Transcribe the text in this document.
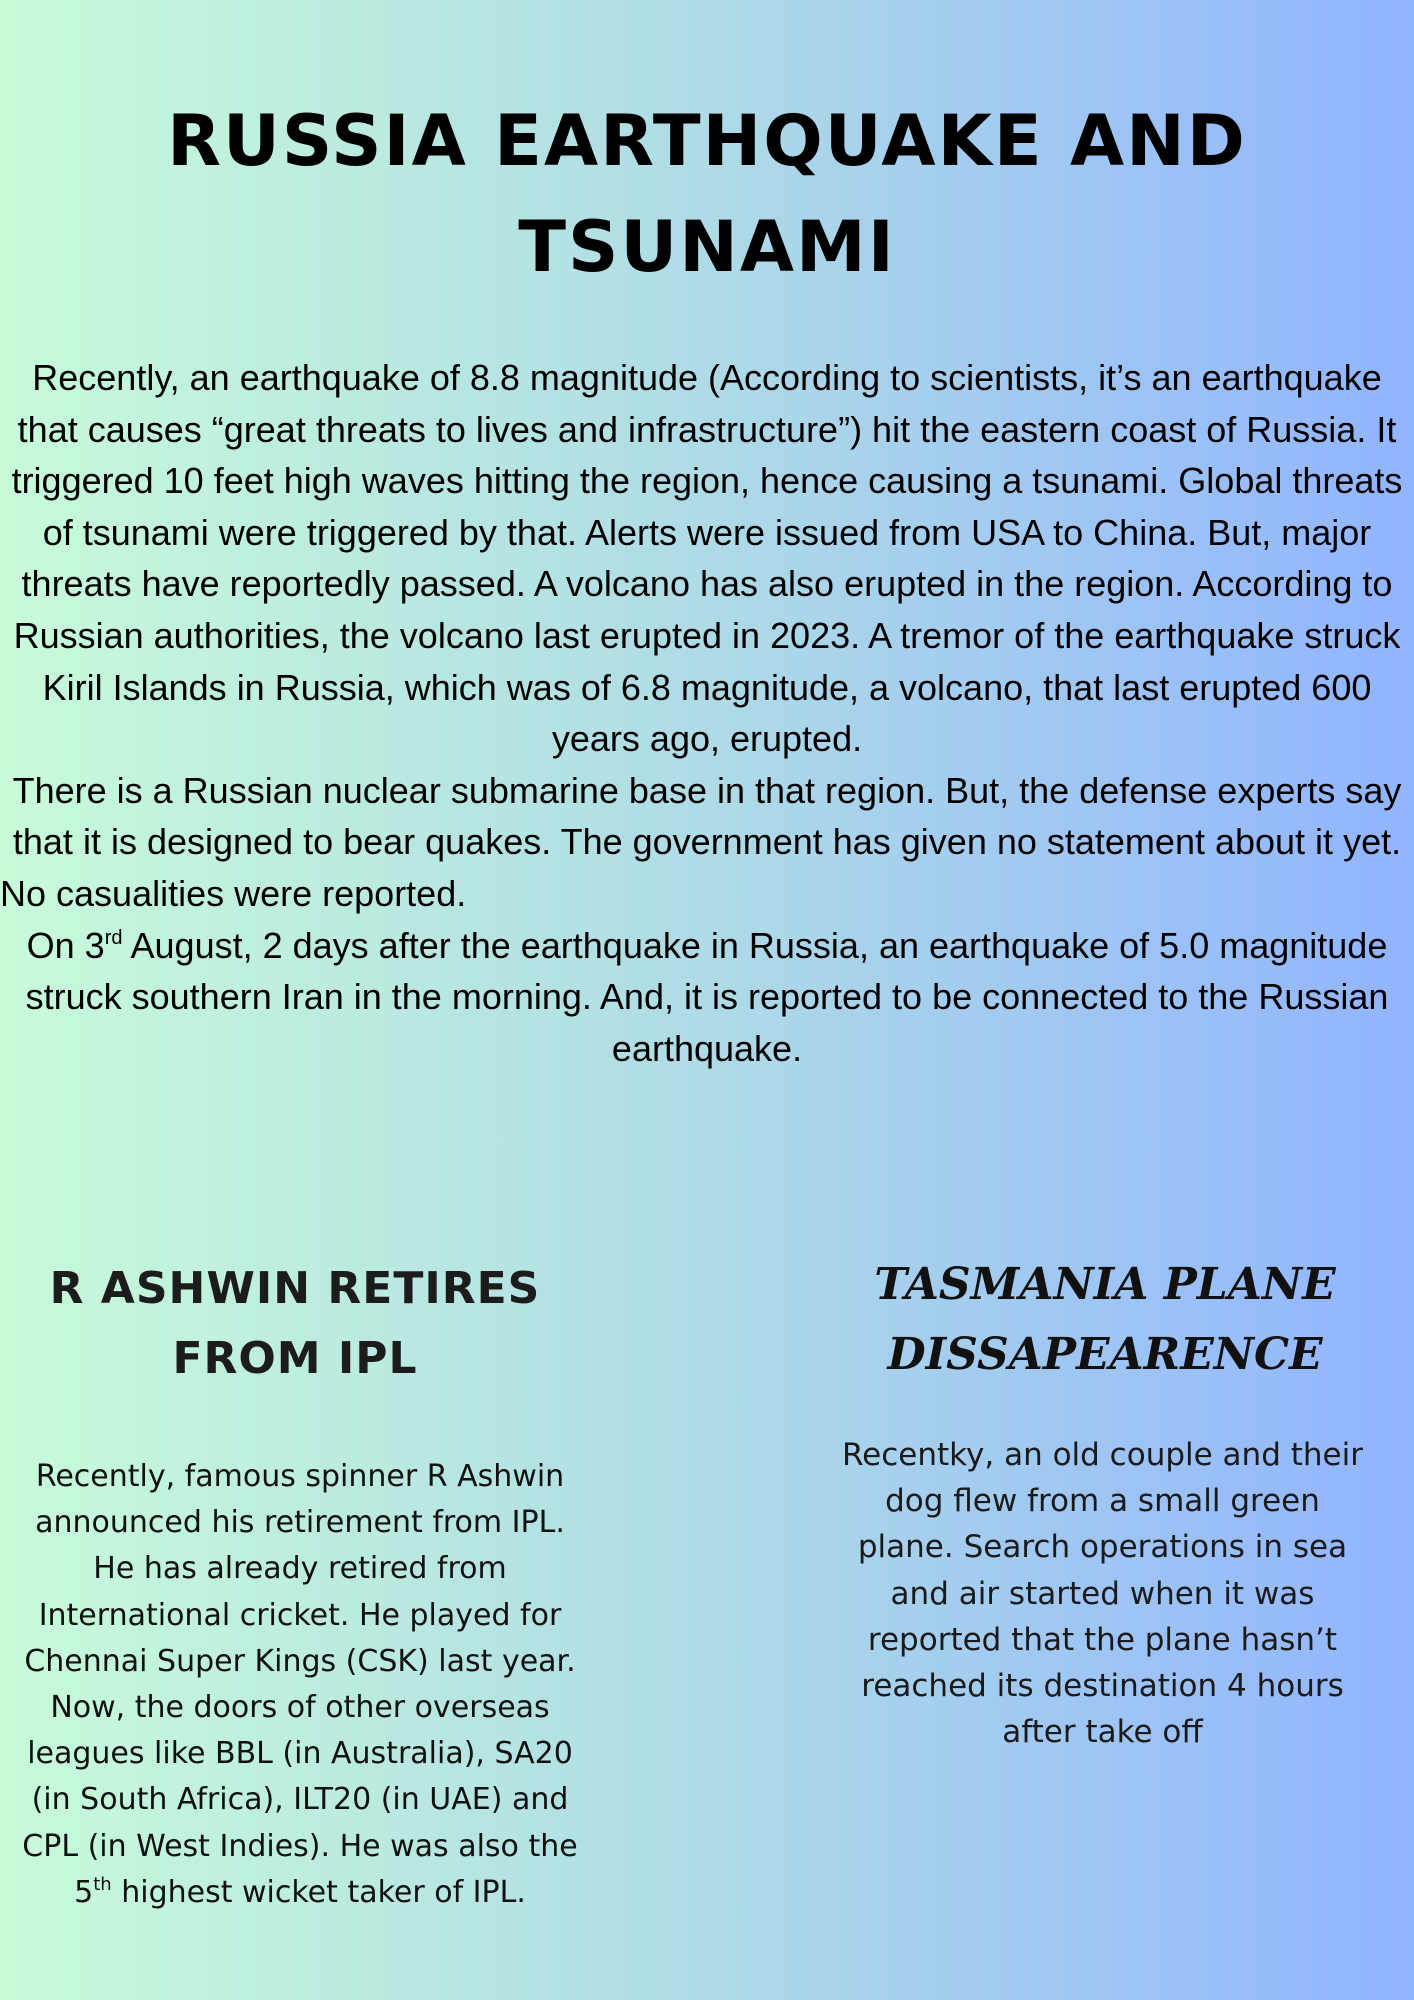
RUSSIA EARTHQUAKE AND
TSUNAMI

Recently, an earthquake of 8.8 magnitude (According to scientists, it’s an earthquake that causes “great threats to lives and infrastructure”) hit the eastern coast of Russia. It triggered 10 feet high waves hitting the region, hence causing a tsunami. Global threats of tsunami were triggered by that. Alerts were issued from USA to China. But, major threats have reportedly passed. A volcano has also erupted in the region. According to Russian authorities, the volcano last erupted in 2023. A tremor of the earthquake struck Kiril Islands in Russia, which was of 6.8 magnitude, a volcano, that last erupted 600 years ago, erupted.

There is a Russian nuclear submarine base in that region. But, the defense experts say that it is designed to bear quakes. The government has given no statement about it yet.

No casualities were reported.

On 3rd August, 2 days after the earthquake in Russia, an earthquake of 5.0 magnitude struck southern Iran in the morning. And, it is reported to be connected to the Russian earthquake.

R ASHWIN RETIRES
FROM IPL

Recently, famous spinner R Ashwin announced his retirement from IPL. He has already retired from International cricket. He played for Chennai Super Kings (CSK) last year. Now, the doors of other overseas leagues like BBL (in Australia), SA20 (in South Africa), ILT20 (in UAE) and CPL (in West Indies). He was also the 5th highest wicket taker of IPL.

TASMANIA PLANE
DISSAPEARENCE

Recentky, an old couple and their dog flew from a small green plane. Search operations in sea and air started when it was reported that the plane hasn’t reached its destination 4 hours after take off
